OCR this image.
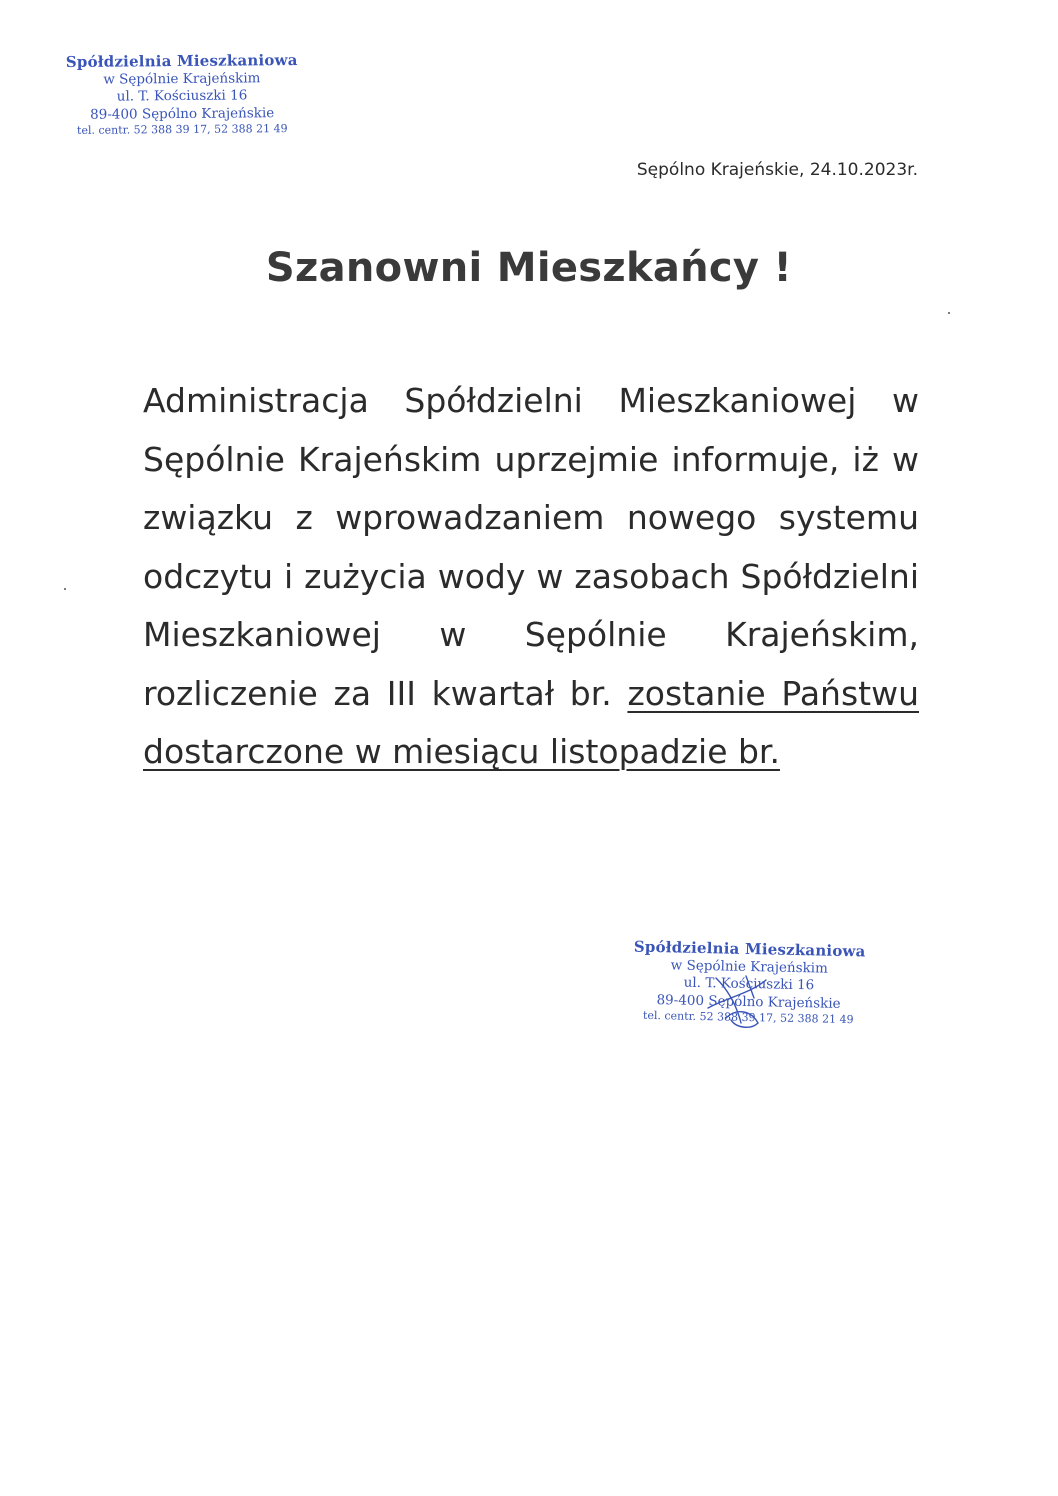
Spółdzielnia Mieszkaniowa
w Sępólnie Krajeńskim
ul. T. Kościuszki 16
89-400 Sępólno Krajeńskie
tel. centr. 52 388 39 17, 52 388 21 49
Sępólno Krajeńskie, 24.10.2023r.
Szanowni Mieszkańcy !
Administracja Spółdzielni Mieszkaniowej w Sępólnie Krajeńskim uprzejmie informuje, iż w związku z wprowadzaniem nowego systemu odczytu i zużycia wody w zasobach Spółdzielni Mieszkaniowej w Sępólnie Krajeńskim, rozliczenie za III kwartał br. zostanie Państwu dostarczone w miesiącu listopadzie br.
Spółdzielnia Mieszkaniowa
w Sępólnie Krajeńskim
ul. T. Kościuszki 16
89-400 Sępólno Krajeńskie
tel. centr. 52 388 39 17, 52 388 21 49
